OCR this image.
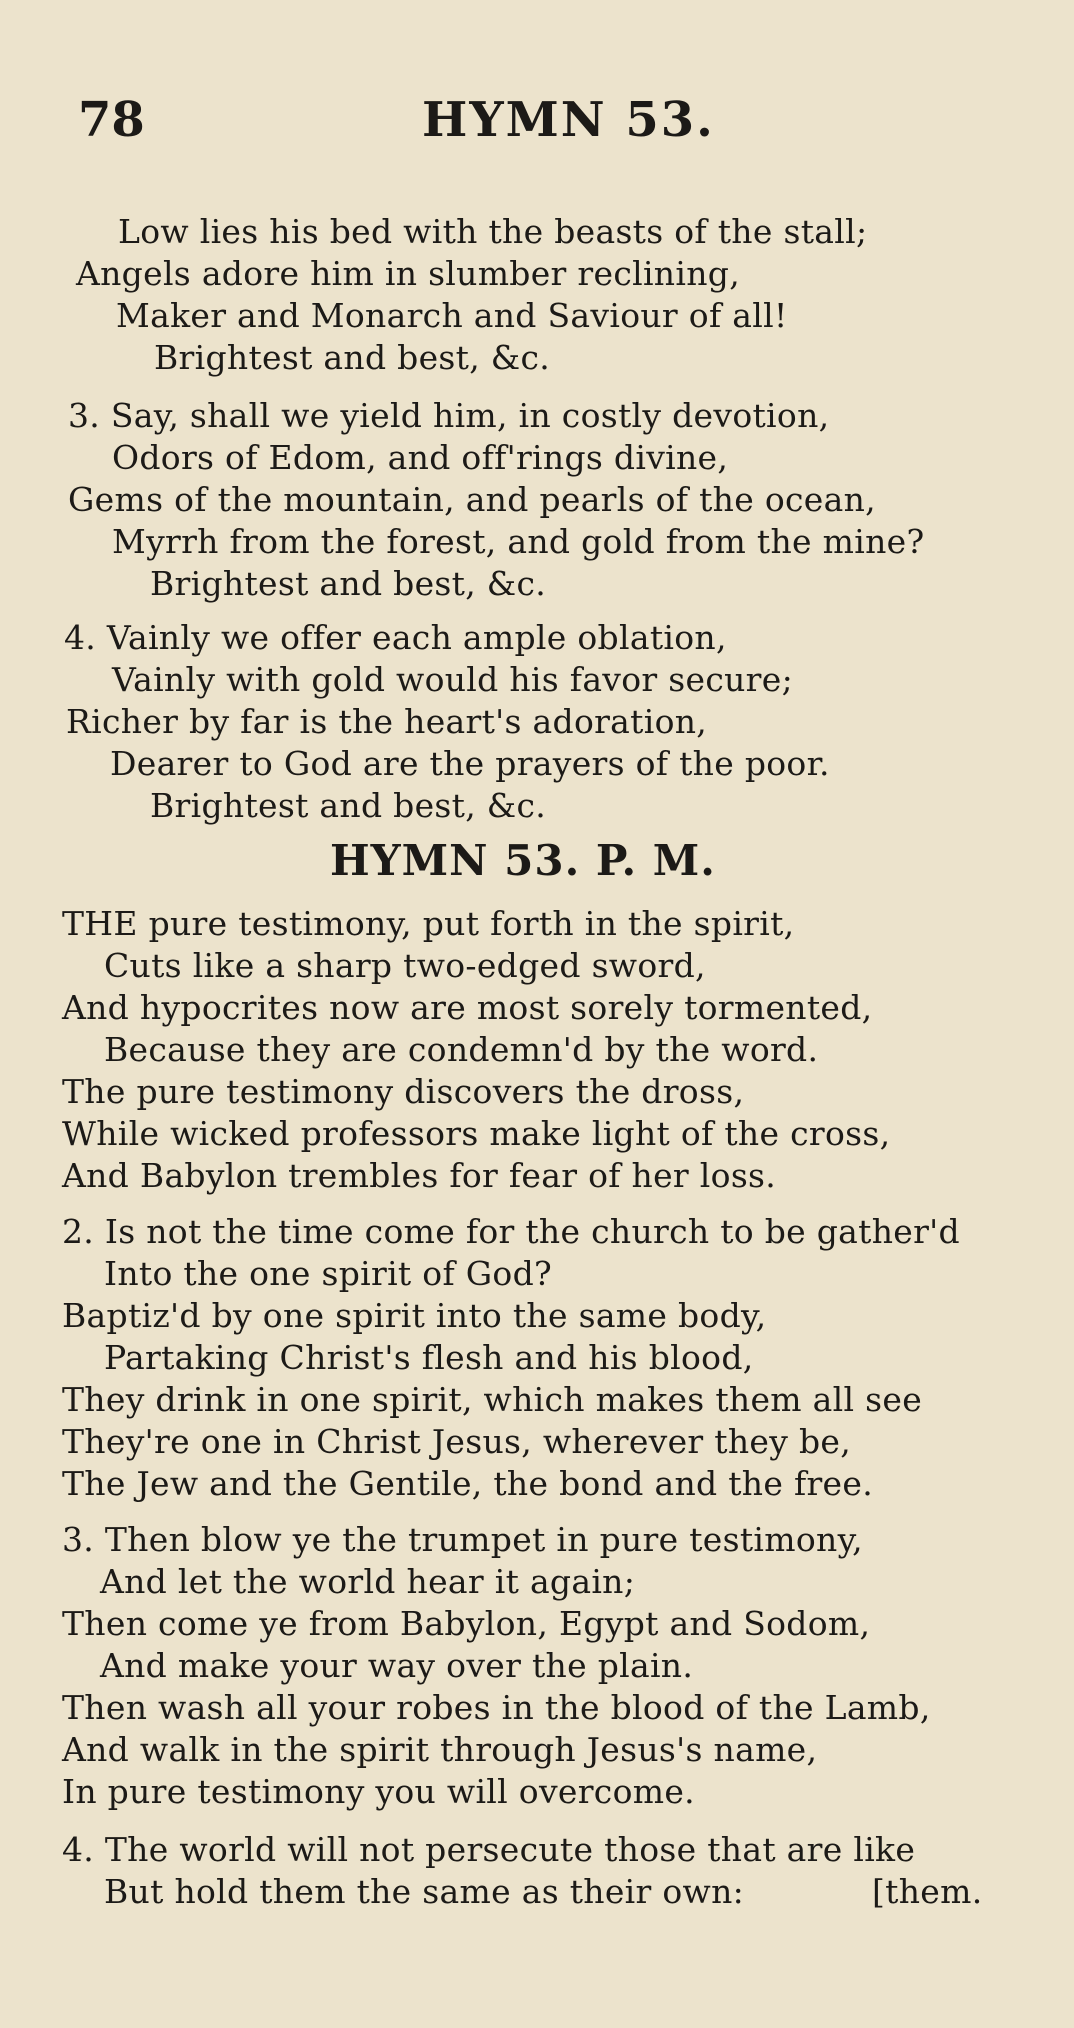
78	HYMN 53.
Low lies his bed with the beasts of the stall;
Angels adore him in slumber reclining,
Maker and Monarch and Saviour of all!
Brightest and best, &c.
3. Say, shall we yield him, in costly devotion,
Odors of Edom, and off'rings divine,
Gems of the mountain, and pearls of the ocean,
Myrrh from the forest, and gold from the mine?
Brightest and best, &c.
4. Vainly we offer each ample oblation,
Vainly with gold would his favor secure;
Richer by far is the heart's adoration,
Dearer to God are the prayers of the poor.
Brightest and best, &c.
HYMN 53. P. M.
THE pure testimony, put forth in the spirit,
Cuts like a sharp two-edged sword,
And hypocrites now are most sorely tormented,
Because they are condemn'd by the word.
The pure testimony discovers the dross,
While wicked professors make light of the cross,
And Babylon trembles for fear of her loss.
2. Is not the time come for the church to be gather'd
Into the one spirit of God?
Baptiz'd by one spirit into the same body,
Partaking Christ's flesh and his blood,
They drink in one spirit, which makes them all see
They're one in Christ Jesus, wherever they be,
The Jew and the Gentile, the bond and the free.
3. Then blow ye the trumpet in pure testimony,
And let the world hear it again;
Then come ye from Babylon, Egypt and Sodom,
And make your way over the plain.
Then wash all your robes in the blood of the Lamb,
And walk in the spirit through Jesus's name,
In pure testimony you will overcome.
4. The world will not persecute those that are like
But hold them the same as their own:	[them.
